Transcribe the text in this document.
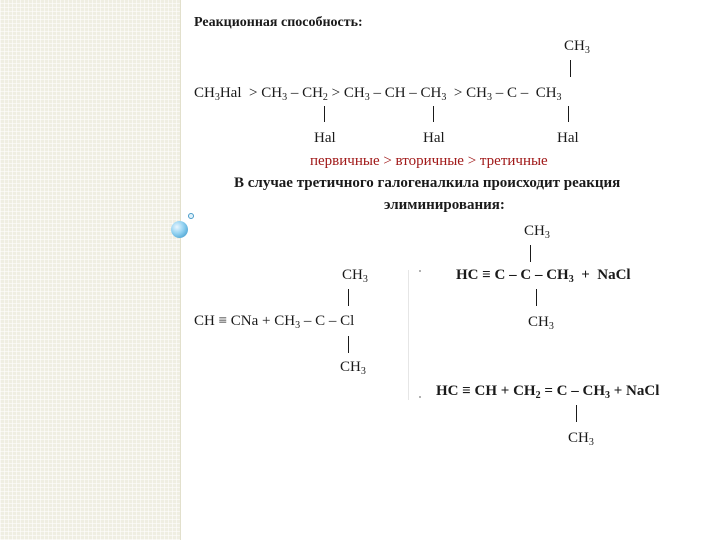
Реакционная способность:
$CH_3$
$CH_3Hal > CH_3 - CH_2 > CH_3$ – CH – $CH_3 > CH_3 - C - CH_3$
Hal	Hal	Hal
первичные > вторичные > третичные
В случае третичного галогеналкила происходит реакция
элиминирования:
$CH_3$
$CH_3$	HC ≡ C – C – $CH_3$  +  NaCl
$CH_3$
CH ≡ CNa + $CH_3$ – C – Cl
$CH_3$
HC ≡ CH + $CH_2 = C - CH_3$ + NaCl
$CH_3$
